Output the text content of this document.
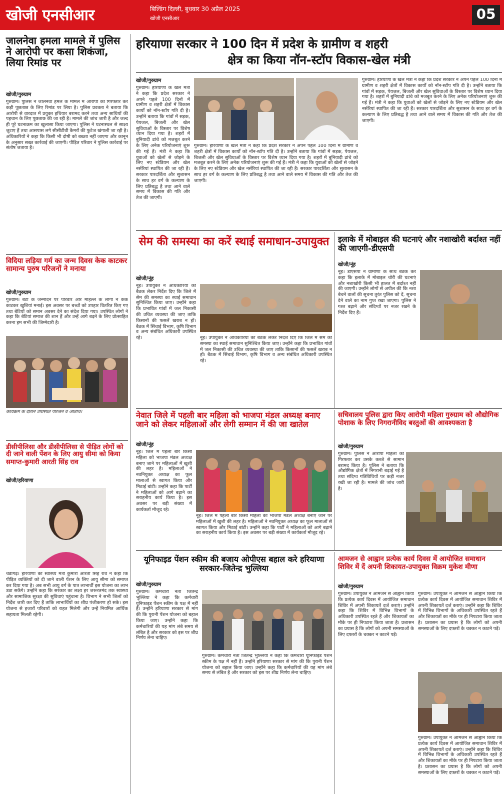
खोजी एनसीआर	बिल्डिंग दिल्ली, बुधवार 30 अप्रैल 2025
खोजी एनसीआर	05
जालनेवा हमला मामले में पुलिस ने आरोपी पर कसा शिकंजा, लिया रिमांड पर
खोजी/गुरुग्राम
गुरुग्राम। पुलिस ने जालनेवा हमले के मामले में आरोपी को गिरफ्तार कर कड़ी पूछताछ के लिए रिमांड पर लिया है। पुलिस प्रवक्ता ने बताया कि आरोपी से वारदात में प्रयुक्त हथियार बरामद करने तथा अन्य साथियों की पहचान के लिए पूछताछ की जा रही है। मामले की जांच जारी है और जल्द ही पूरे घटनाक्रम का खुलासा किया जाएगा। पुलिस ने घटनास्थल से साक्ष्य जुटाए हैं तथा आसपास लगे सीसीटीवी कैमरों की फुटेज खंगाली जा रही है। अधिकारियों ने कहा कि किसी भी दोषी को बख्शा नहीं जाएगा और कानून के अनुसार सख्त कार्रवाई की जाएगी। पीड़ित परिवार ने पुलिस कार्रवाई पर संतोष जताया है।
विदिया लड़िया गर्म का जन्म दिवस केक काटकर सामान्य पुरुष परिजनों ने मनाया
खोजी/गुरुग्राम
गुरुग्राम। बेटी के जन्मदिन पर परिवार और मोहल्ले के लोगों ने केक काटकर खुशियां मनाई। इस अवसर पर बच्चों को उपहार वितरित किए गए तथा बेटियों को समान अवसर देने का संदेश दिया गया। उपस्थित लोगों ने कहा कि बेटियां समाज की शान हैं और उन्हें आगे बढ़ने के लिए प्रोत्साहित करना हम सभी की जिम्मेदारी है।
कार्यक्रम के दौरान उपस्थित परिजन व अतिथि।
डीसीपीलिसा और डीसीपीलिसा से पीड़ित लोगों को दी जाने वाली पेंशन के लिए आयु सीमा को किया समाप्त-कुमारी आरती सिंह राव
खोजी/हरियाणा
चंडीगढ़। हरियाणा की स्वास्थ्य मंत्री कुमारी आरती सिंह राव ने कहा कि पीड़ित व्यक्तियों को दी जाने वाली पेंशन के लिए आयु सीमा को समाप्त कर दिया गया है। अब सभी आयु वर्ग के पात्र लाभार्थी इस योजना का लाभ उठा सकेंगे। उन्होंने कहा कि सरकार का लक्ष्य हर जरूरतमंद तक स्वास्थ्य और सामाजिक सुरक्षा की सुविधाएं पहुंचाना है। विभाग ने सभी जिलों को निर्देश जारी कर दिए हैं ताकि लाभार्थियों का शीघ्र पंजीकरण हो सके। इस योजना से हजारों परिवारों को राहत मिलेगी और उन्हें नियमित आर्थिक सहायता मिलती रहेगी।
हरियाणा सरकार ने 100 दिन में प्रदेश के ग्रामीण व शहरी
क्षेत्र का किया नॉन-स्टॉप विकास-खेल मंत्री
खोजी/गुरुग्राम
गुरुग्राम। हरियाणा के खेल मंत्री ने कहा कि प्रदेश सरकार ने अपने पहले 100 दिनों में ग्रामीण व शहरी क्षेत्रों में विकास कार्यों को नॉन-स्टॉप गति दी है। उन्होंने बताया कि गांवों में सड़क, पेयजल, बिजली और खेल सुविधाओं के विस्तार पर विशेष ध्यान दिया गया है। शहरों में बुनियादी ढांचे को मजबूत करने के लिए अनेक परियोजनाएं शुरू की गई हैं। मंत्री ने कहा कि युवाओं को खेलों से जोड़ने के लिए नए स्टेडियम और खेल नर्सरियां स्थापित की जा रही हैं। सरकार पारदर्शिता और सुशासन के साथ हर वर्ग के कल्याण के लिए प्रतिबद्ध है तथा आने वाले समय में विकास की गति और तेज की जाएगी।
गुरुग्राम। हरियाणा के खेल मंत्री ने कहा कि प्रदेश सरकार ने अपने पहले 100 दिनों में ग्रामीण व शहरी क्षेत्रों में विकास कार्यों को नॉन-स्टॉप गति दी है। उन्होंने बताया कि गांवों में सड़क, पेयजल, बिजली और खेल सुविधाओं के विस्तार पर विशेष ध्यान दिया गया है। शहरों में बुनियादी ढांचे को मजबूत करने के लिए अनेक परियोजनाएं शुरू की गई हैं। मंत्री ने कहा कि युवाओं को खेलों से जोड़ने के लिए नए स्टेडियम और खेल नर्सरियां स्थापित की जा रही हैं। सरकार पारदर्शिता और सुशासन के साथ हर वर्ग के कल्याण के लिए प्रतिबद्ध है तथा आने वाले समय में विकास की गति और तेज की जाएगी।
गुरुग्राम। हरियाणा के खेल मंत्री ने कहा कि प्रदेश सरकार ने अपने पहले 100 दिनों में ग्रामीण व शहरी क्षेत्रों में विकास कार्यों को नॉन-स्टॉप गति दी है। उन्होंने बताया कि गांवों में सड़क, पेयजल, बिजली और खेल सुविधाओं के विस्तार पर विशेष ध्यान दिया गया है। शहरों में बुनियादी ढांचे को मजबूत करने के लिए अनेक परियोजनाएं शुरू की गई हैं। मंत्री ने कहा कि युवाओं को खेलों से जोड़ने के लिए नए स्टेडियम और खेल नर्सरियां स्थापित की जा रही हैं। सरकार पारदर्शिता और सुशासन के साथ हर वर्ग के कल्याण के लिए प्रतिबद्ध है तथा आने वाले समय में विकास की गति और तेज की जाएगी।
सेम की समस्या का करें स्थाई समाधान-उपायुक्त
खोजी/नूंह
नूंह। उपायुक्त ने अधिकारियों की बैठक लेकर निर्देश दिए कि जिले में सेम की समस्या का स्थाई समाधान सुनिश्चित किया जाए। उन्होंने कहा कि प्रभावित गांवों में जल निकासी की उचित व्यवस्था की जाए ताकि किसानों की फसलें खराब न हों। बैठक में सिंचाई विभाग, कृषि विभाग व अन्य संबंधित अधिकारी उपस्थित रहे।	नूंह। उपायुक्त ने अधिकारियों की बैठक लेकर निर्देश दिए कि जिले में सेम की समस्या का स्थाई समाधान सुनिश्चित किया जाए। उन्होंने कहा कि प्रभावित गांवों में जल निकासी की उचित व्यवस्था की जाए ताकि किसानों की फसलें खराब न हों। बैठक में सिंचाई विभाग, कृषि विभाग व अन्य संबंधित अधिकारी उपस्थित रहे।
इलाके में मोबाइल की घटनाएं और नशाखोरी बर्दाश्त नहीं की जाएगी-डीएसपी
खोजी/नूंह
नूंह। डीएसपी ने ग्रामीणों के साथ बैठक कर कहा कि इलाके में मोबाइल चोरी की घटनाएं और नशाखोरी किसी भी हालत में बर्दाश्त नहीं की जाएगी। उन्होंने लोगों से अपील की कि नशा बेचने वालों की सूचना तुरंत पुलिस को दें, सूचना देने वाले का नाम गुप्त रखा जाएगा। पुलिस ने गश्त बढ़ाने और संदिग्धों पर नजर रखने के निर्देश दिए हैं।
नेवात जिले में पहली बार महिला को भाजपा मंडल अध्यक्ष बनाए जाने को लेकर महिलाओं और लेगी सम्मान में की जा खातेल
खोजी/नूंह
नूंह। जिले में पहली बार किसी महिला को भाजपा मंडल अध्यक्ष बनाए जाने पर महिलाओं में खुशी की लहर है। महिलाओं ने नवनियुक्त अध्यक्ष का फूल मालाओं से स्वागत किया और मिठाई बांटी। उन्होंने कहा कि पार्टी ने महिलाओं को आगे बढ़ाने का सराहनीय कार्य किया है। इस अवसर पर बड़ी संख्या में कार्यकर्ता मौजूद रहे।
नूंह। जिले में पहली बार किसी महिला को भाजपा मंडल अध्यक्ष बनाए जाने पर महिलाओं में खुशी की लहर है। महिलाओं ने नवनियुक्त अध्यक्ष का फूल मालाओं से स्वागत किया और मिठाई बांटी। उन्होंने कहा कि पार्टी ने महिलाओं को आगे बढ़ाने का सराहनीय कार्य किया है। इस अवसर पर बड़ी संख्या में कार्यकर्ता मौजूद रहे।
सचिवालय पुलिस द्वारा किए आरोपी महिला गुरुग्राम को औद्योगिक पोशाक के लिए निगरानीविद बस्तुओं की आवश्यकता है
खोजी/गुरुग्राम
गुरुग्राम। पुलिस ने आरोपी महिला को गिरफ्तार कर उसके कब्जे से सामान बरामद किया है। पुलिस ने बताया कि औद्योगिक क्षेत्रों में निगरानी बढ़ाई गई है तथा संदिग्ध गतिविधियों पर कड़ी नजर रखी जा रही है। मामले की जांच जारी है।
यूनिफाइड पेंशन स्कीम की बजाय ओपीएस बहाल करे हरियाणा सरकार-जितेन्द्र भुल्लिया
खोजी/गुरुग्राम
गुरुग्राम। कर्मचारी नेता जितेन्द्र भुल्लिया ने कहा कि कर्मचारी यूनिफाइड पेंशन स्कीम के पक्ष में नहीं हैं। उन्होंने हरियाणा सरकार से मांग की कि पुरानी पेंशन योजना को बहाल किया जाए। उन्होंने कहा कि कर्मचारियों की यह मांग लंबे समय से लंबित है और सरकार को इस पर शीघ्र निर्णय लेना चाहिए।
गुरुग्राम। कर्मचारी नेता जितेन्द्र भुल्लिया ने कहा कि कर्मचारी यूनिफाइड पेंशन स्कीम के पक्ष में नहीं हैं। उन्होंने हरियाणा सरकार से मांग की कि पुरानी पेंशन योजना को बहाल किया जाए। उन्होंने कहा कि कर्मचारियों की यह मांग लंबे समय से लंबित है और सरकार को इस पर शीघ्र निर्णय लेना चाहिए।
आमजन से आह्वान प्रत्येक कार्य दिवस में आयोजित समाधान शिविर में दें अपनी शिकायत-उपायुक्त विक्रम मुकेश मीणा
खोजी/गुरुग्राम
गुरुग्राम। उपायुक्त ने आमजन से आह्वान किया कि प्रत्येक कार्य दिवस में आयोजित समाधान शिविर में अपनी शिकायतें दर्ज कराएं। उन्होंने कहा कि शिविर में विभिन्न विभागों के अधिकारी उपस्थित रहते हैं और शिकायतों का मौके पर ही निपटारा किया जाता है। प्रशासन का प्रयास है कि लोगों को अपनी समस्याओं के लिए दफ्तरों के चक्कर न काटने पड़ें।
गुरुग्राम। उपायुक्त ने आमजन से आह्वान किया कि प्रत्येक कार्य दिवस में आयोजित समाधान शिविर में अपनी शिकायतें दर्ज कराएं। उन्होंने कहा कि शिविर में विभिन्न विभागों के अधिकारी उपस्थित रहते हैं और शिकायतों का मौके पर ही निपटारा किया जाता है। प्रशासन का प्रयास है कि लोगों को अपनी समस्याओं के लिए दफ्तरों के चक्कर न काटने पड़ें।
गुरुग्राम। उपायुक्त ने आमजन से आह्वान किया कि प्रत्येक कार्य दिवस में आयोजित समाधान शिविर में अपनी शिकायतें दर्ज कराएं। उन्होंने कहा कि शिविर में विभिन्न विभागों के अधिकारी उपस्थित रहते हैं और शिकायतों का मौके पर ही निपटारा किया जाता है। प्रशासन का प्रयास है कि लोगों को अपनी समस्याओं के लिए दफ्तरों के चक्कर न काटने पड़ें।
